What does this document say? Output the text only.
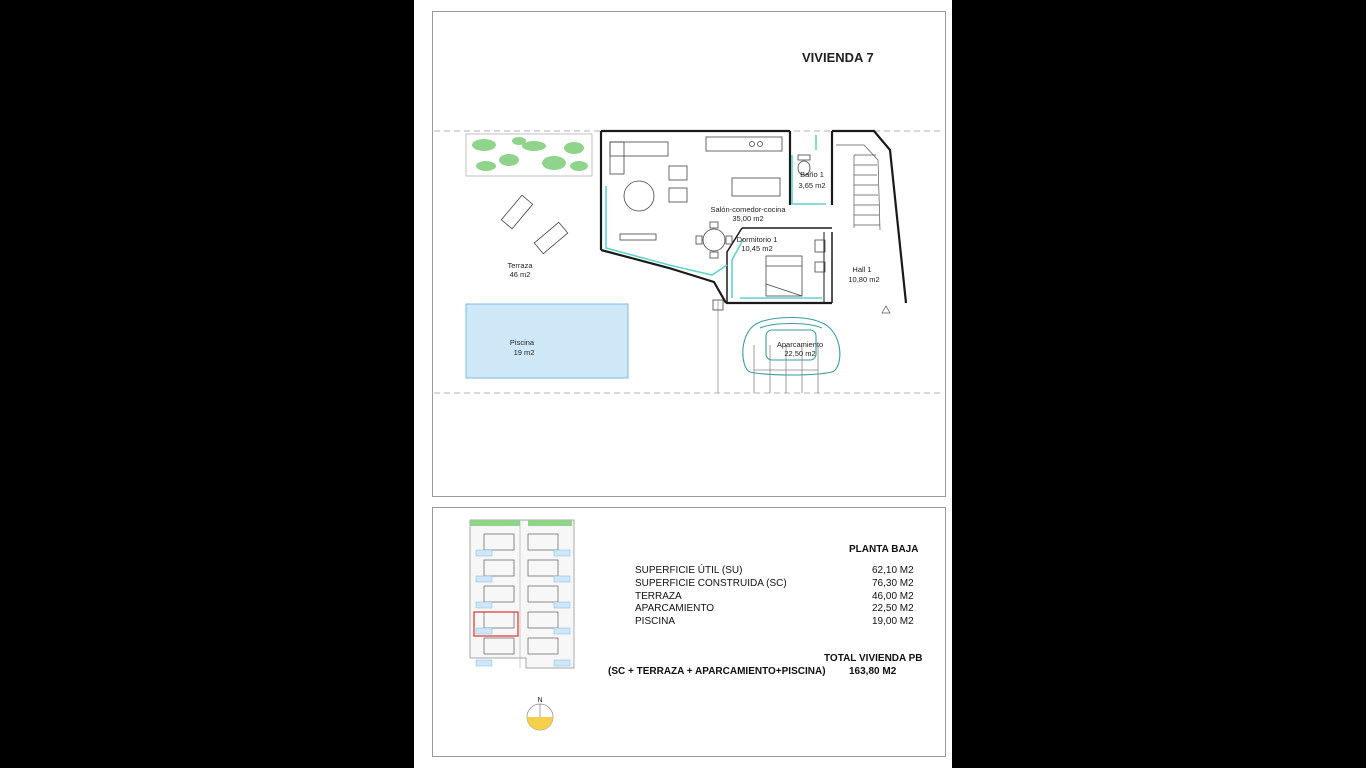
VIVIENDA 7
Salón-comedor-cocina
35,00 m2
Baño 1
3,65 m2
Dormitorio 1
10,45 m2
Hall 1
10,80 m2
Terraza
46 m2
Piscina
19 m2
Aparcamiento
22,50 m2
N
PLANTA BAJA
SUPERFICIE ÚTIL (SU)	62,10 M2
SUPERFICIE CONSTRUIDA (SC)	76,30 M2
TERRAZA	46,00 M2
APARCAMIENTO	22,50 M2
PISCINA	19,00 M2
TOTAL VIVIENDA PB
(SC + TERRAZA + APARCAMIENTO+PISCINA) 163,80 M2
